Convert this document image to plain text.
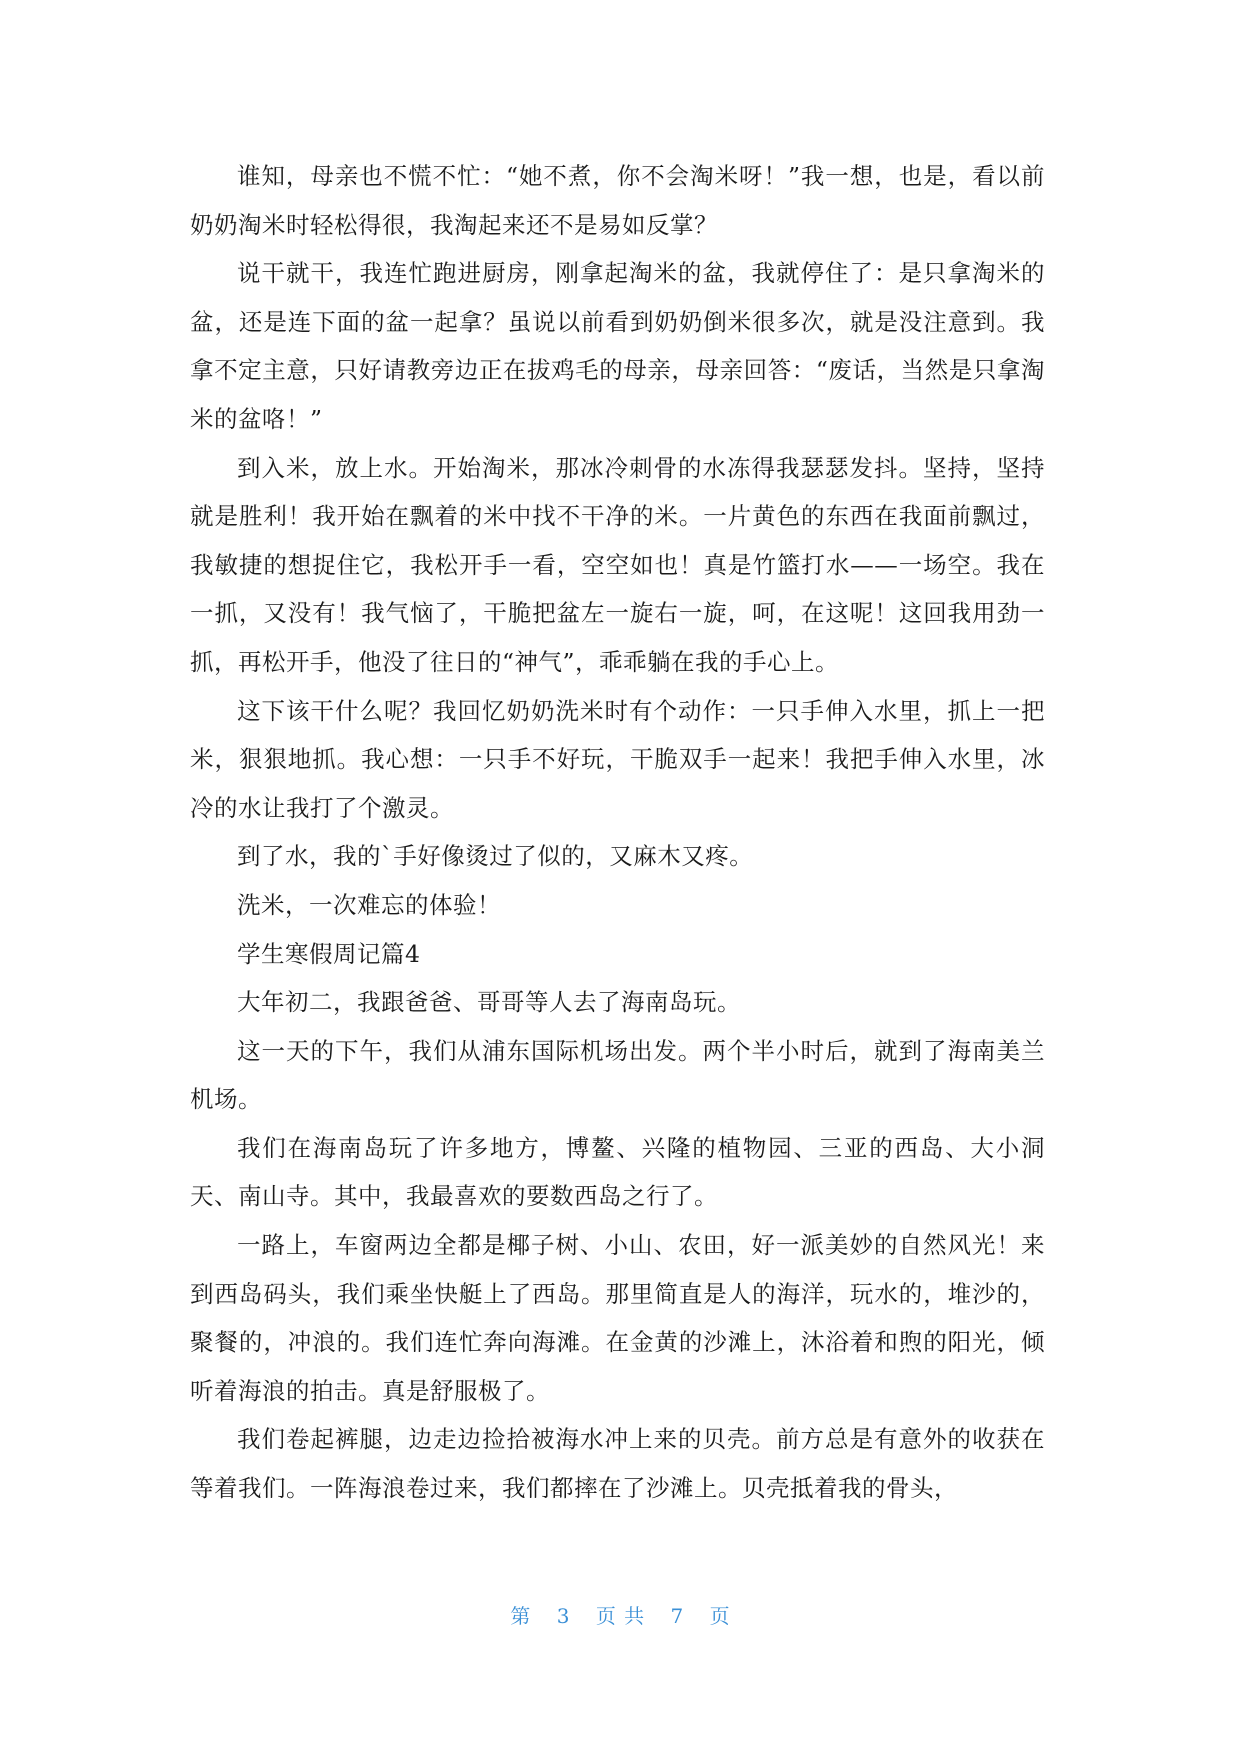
谁知，母亲也不慌不忙：“她不煮，你不会淘米呀！”我一想，也是，看以前奶奶淘米时轻松得很，我淘起来还不是易如反掌？

说干就干，我连忙跑进厨房，刚拿起淘米的盆，我就停住了：是只拿淘米的盆，还是连下面的盆一起拿？虽说以前看到奶奶倒米很多次，就是没注意到。我拿不定主意，只好请教旁边正在拔鸡毛的母亲，母亲回答：“废话，当然是只拿淘米的盆咯！”

到入米，放上水。开始淘米，那冰冷刺骨的水冻得我瑟瑟发抖。坚持，坚持就是胜利！我开始在飘着的米中找不干净的米。一片黄色的东西在我面前飘过，我敏捷的想捉住它，我松开手一看，空空如也！真是竹篮打水——一场空。我在一抓，又没有！我气恼了，干脆把盆左一旋右一旋，呵，在这呢！这回我用劲一抓，再松开手，他没了往日的“神气”，乖乖躺在我的手心上。

这下该干什么呢？我回忆奶奶洗米时有个动作：一只手伸入水里，抓上一把米，狠狠地抓。我心想：一只手不好玩，干脆双手一起来！我把手伸入水里，冰冷的水让我打了个激灵。

到了水，我的`手好像烫过了似的，又麻木又疼。

洗米，一次难忘的体验！

学生寒假周记篇4

大年初二，我跟爸爸、哥哥等人去了海南岛玩。

这一天的下午，我们从浦东国际机场出发。两个半小时后，就到了海南美兰机场。

我们在海南岛玩了许多地方，博鳌、兴隆的植物园、三亚的西岛、大小洞天、南山寺。其中，我最喜欢的要数西岛之行了。

一路上，车窗两边全都是椰子树、小山、农田，好一派美妙的自然风光！来到西岛码头，我们乘坐快艇上了西岛。那里简直是人的海洋，玩水的，堆沙的，聚餐的，冲浪的。我们连忙奔向海滩。在金黄的沙滩上，沐浴着和煦的阳光，倾听着海浪的拍击。真是舒服极了。

我们卷起裤腿，边走边捡拾被海水冲上来的贝壳。前方总是有意外的收获在等着我们。一阵海浪卷过来，我们都摔在了沙滩上。贝壳抵着我的骨头，

第 3 页 共 7 页
